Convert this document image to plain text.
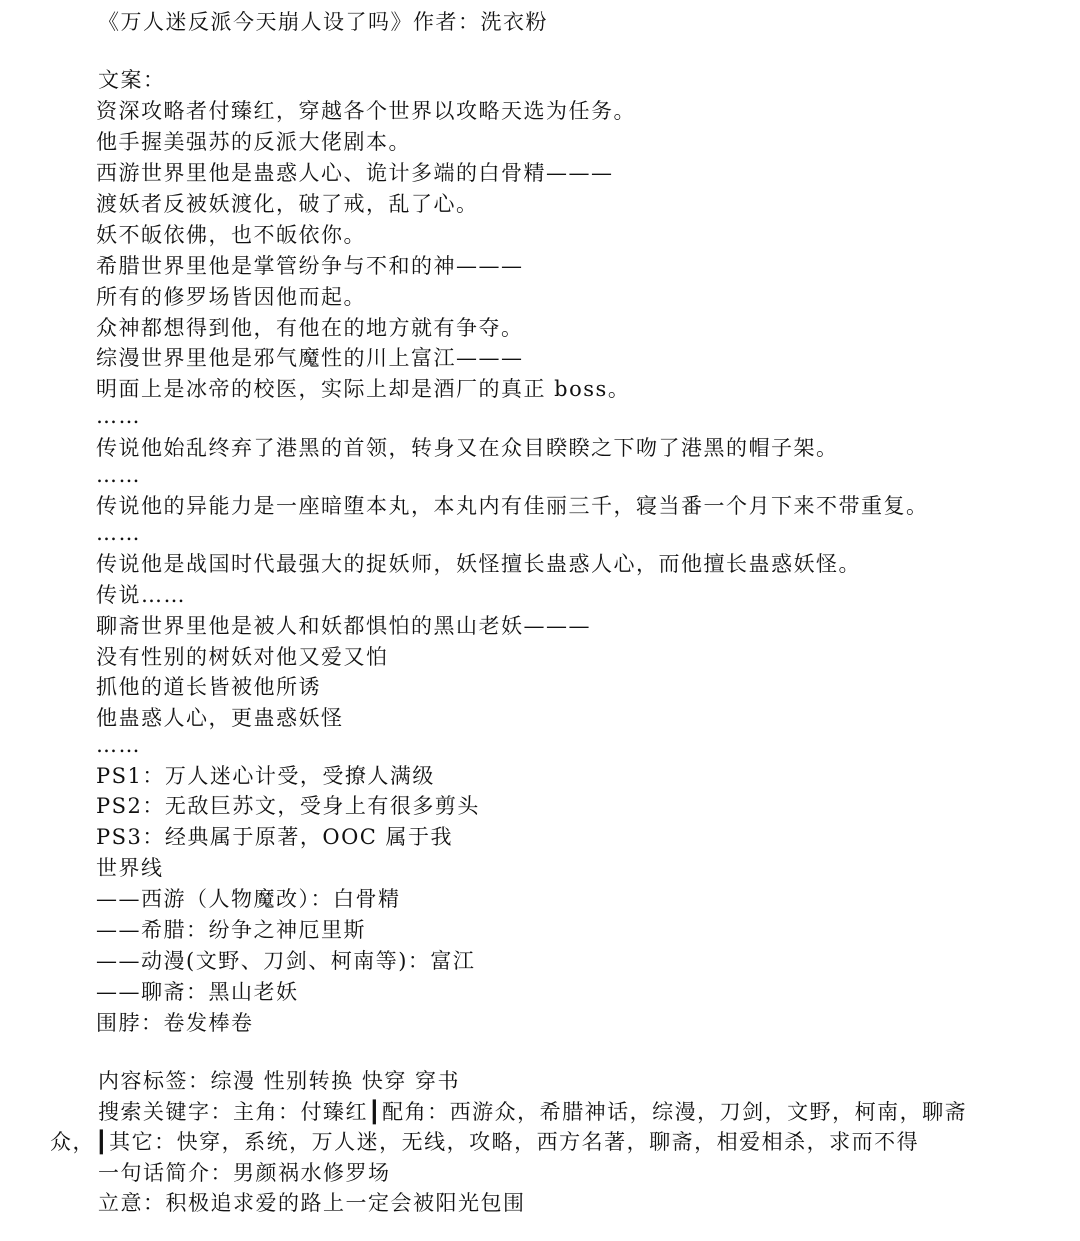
《万人迷反派今天崩人设了吗》作者：洗衣粉
文案：
资深攻略者付臻红，穿越各个世界以攻略天选为任务。
他手握美强苏的反派大佬剧本。
西游世界里他是蛊惑人心、诡计多端的白骨精———
渡妖者反被妖渡化，破了戒，乱了心。
妖不皈依佛，也不皈依你。
希腊世界里他是掌管纷争与不和的神———
所有的修罗场皆因他而起。
众神都想得到他，有他在的地方就有争夺。
综漫世界里他是邪气魔性的川上富江———
明面上是冰帝的校医，实际上却是酒厂的真正 boss。
……
传说他始乱终弃了港黑的首领，转身又在众目睽睽之下吻了港黑的帽子架。
……
传说他的异能力是一座暗堕本丸，本丸内有佳丽三千，寝当番一个月下来不带重复。
……
传说他是战国时代最强大的捉妖师，妖怪擅长蛊惑人心，而他擅长蛊惑妖怪。
传说……
聊斋世界里他是被人和妖都惧怕的黑山老妖———
没有性别的树妖对他又爱又怕
抓他的道长皆被他所诱
他蛊惑人心，更蛊惑妖怪
……
PS1：万人迷心计受，受撩人满级
PS2：无敌巨苏文，受身上有很多剪头
PS3：经典属于原著，OOC 属于我
世界线
——西游（人物魔改）：白骨精
——希腊：纷争之神厄里斯
——动漫(文野、刀剑、柯南等)：富江
——聊斋：黑山老妖
围脖：卷发棒卷
内容标签：综漫 性别转换 快穿 穿书
搜索关键字：主角：付臻红┃配角：西游众，希腊神话，综漫，刀剑，文野，柯南，聊斋
众，┃其它：快穿，系统，万人迷，无线，攻略，西方名著，聊斋，相爱相杀，求而不得
一句话简介：男颜祸水修罗场
立意：积极追求爱的路上一定会被阳光包围
